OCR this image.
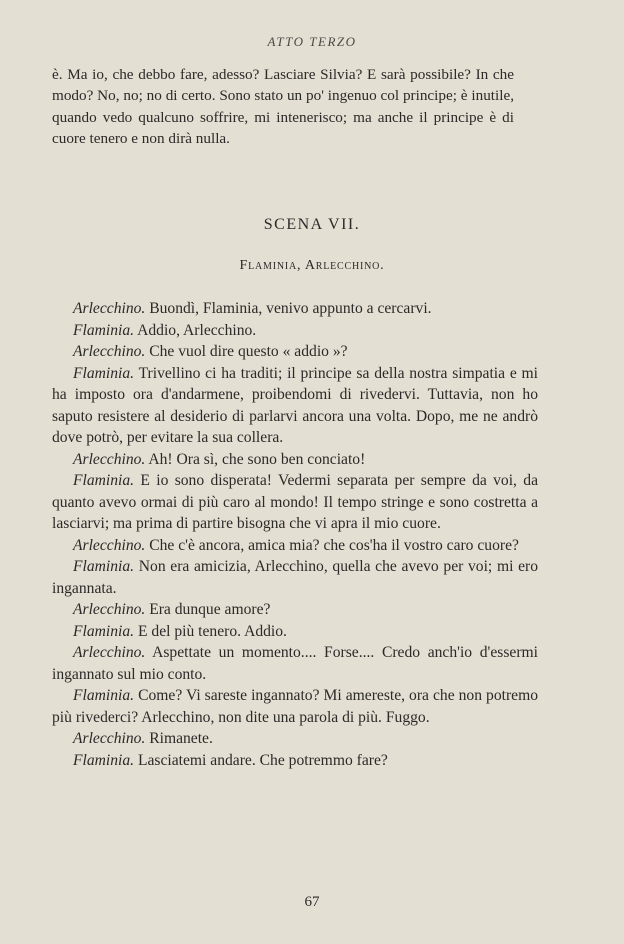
ATTO TERZO

è. Ma io, che debbo fare, adesso? Lasciare Silvia? E sarà possibile? In che modo? No, no; no di certo. Sono stato un po' ingenuo col principe; è inutile, quando vedo qualcuno soffrire, mi intenerisco; ma anche il principe è di cuore tenero e non dirà nulla.

SCENA VII.
Flaminia, Arlecchino.

Arlecchino. Buondì, Flaminia, venivo appunto a cercarvi.

Flaminia. Addio, Arlecchino.

Arlecchino. Che vuol dire questo « addio »?

Flaminia. Trivellino ci ha traditi; il principe sa della nostra simpatia e mi ha imposto ora d'andarmene, proibendomi di rivedervi. Tuttavia, non ho saputo resistere al desiderio di parlarvi ancora una volta. Dopo, me ne andrò dove potrò, per evitare la sua collera.

Arlecchino. Ah! Ora sì, che sono ben conciato!

Flaminia. E io sono disperata! Vedermi separata per sempre da voi, da quanto avevo ormai di più caro al mondo! Il tempo stringe e sono costretta a lasciarvi; ma prima di partire bisogna che vi apra il mio cuore.

Arlecchino. Che c'è ancora, amica mia? che cos'ha il vostro caro cuore?

Flaminia. Non era amicizia, Arlecchino, quella che avevo per voi; mi ero ingannata.

Arlecchino. Era dunque amore?

Flaminia. E del più tenero. Addio.

Arlecchino. Aspettate un momento.... Forse.... Credo anch'io d'essermi ingannato sul mio conto.

Flaminia. Come? Vi sareste ingannato? Mi amereste, ora che non potremo più rivederci? Arlecchino, non dite una parola di più. Fuggo.

Arlecchino. Rimanete.

Flaminia. Lasciatemi andare. Che potremmo fare?

67
